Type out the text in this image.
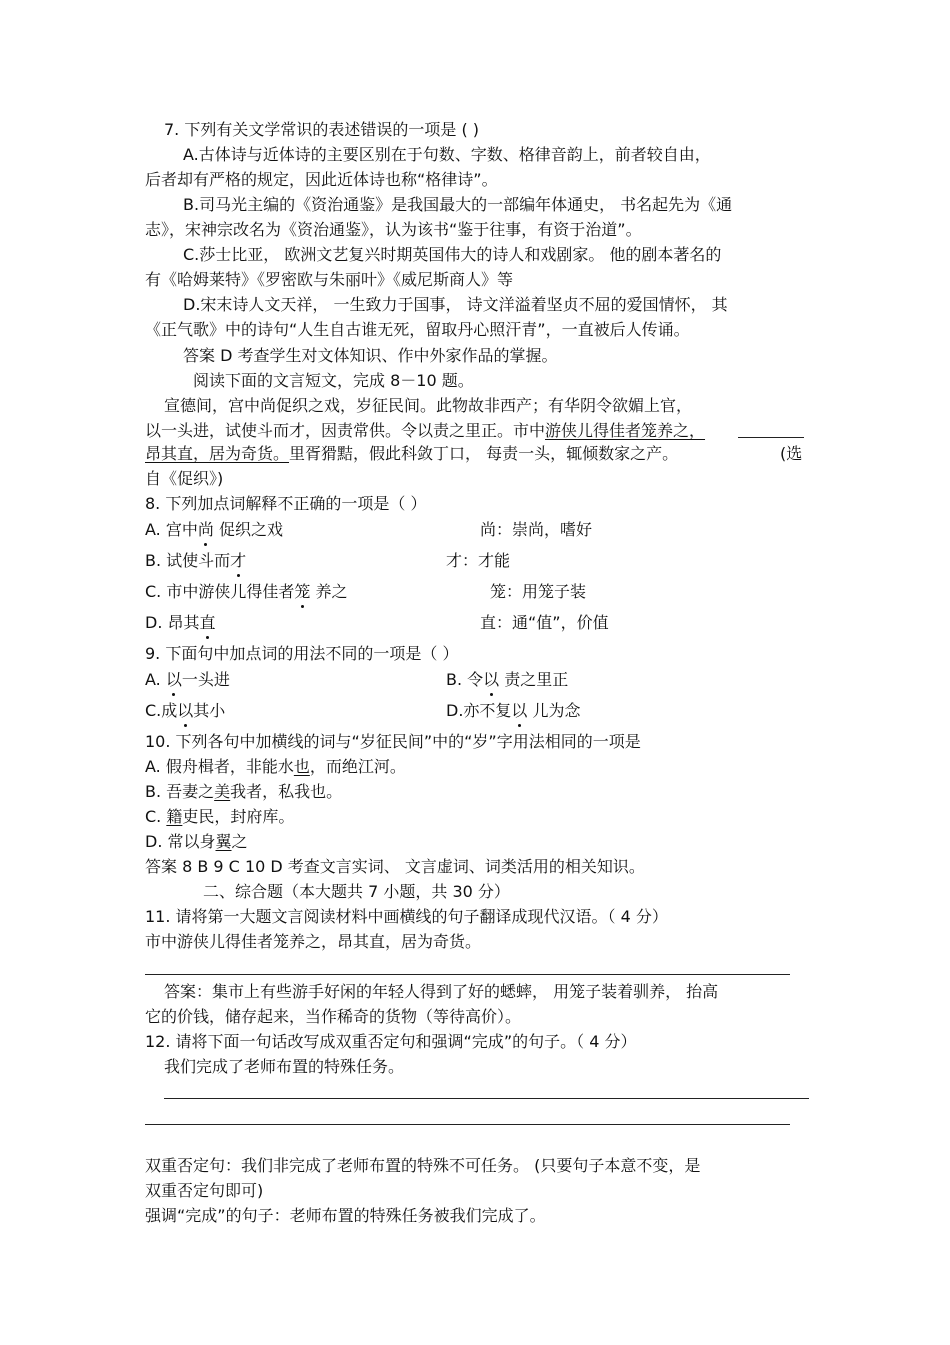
7. 下列有关文学常识的表述错误的一项是 ( )
A.古体诗与近体诗的主要区别在于句数、字数、格律音韵上，前者较自由，
后者却有严格的规定，因此近体诗也称“格律诗”。
B.司马光主编的《资治通鉴》是我国最大的一部编年体通史， 书名起先为《通
志》，宋神宗改名为《资治通鉴》，认为该书“鉴于往事，有资于治道”。
C.莎士比亚， 欧洲文艺复兴时期英国伟大的诗人和戏剧家。 他的剧本著名的
有《哈姆莱特》《罗密欧与朱丽叶》《威尼斯商人》等
D.宋末诗人文天祥， 一生致力于国事， 诗文洋溢着坚贞不屈的爱国情怀， 其
《正气歌》中的诗句“人生自古谁无死，留取丹心照汗青”，一直被后人传诵。
答案 D 考查学生对文体知识、作中外家作品的掌握。
阅读下面的文言短文，完成 8－10 题。
宣德间，宫中尚促织之戏，岁征民间。此物故非西产；有华阴令欲媚上官，
以一头进，试使斗而才，因责常供。令以责之里正。市中游侠儿得佳者笼养之，
昂其直，居为奇货。里胥猾黠，假此科敛丁口， 每责一头，辄倾数家之产。	(选
自《促织》)
8. 下列加点词解释不正确的一项是（ ）
A. 宫中尚 促织之戏	尚：崇尚，嗜好
B. 试使斗而才	才：才能
C. 市中游侠儿得佳者笼 养之	笼：用笼子装
D. 昂其直	直：通“值”，价值
9. 下面句中加点词的用法不同的一项是（ ）
A. 以一头进	B. 令以 责之里正
C.成以其小	D.亦不复以 儿为念
10. 下列各句中加横线的词与“岁征民间”中的“岁”字用法相同的一项是
A. 假舟楫者，非能水也，而绝江河。
B. 吾妻之美我者，私我也。
C. 籍吏民，封府库。
D. 常以身翼之
答案 8 B 9 C 10 D 考查文言实词、 文言虚词、词类活用的相关知识。
二、综合题（本大题共 7 小题，共 30 分）
11. 请将第一大题文言阅读材料中画横线的句子翻译成现代汉语。（ 4 分）
市中游侠儿得佳者笼养之，昂其直，居为奇货。
答案：集市上有些游手好闲的年轻人得到了好的蟋蟀， 用笼子装着驯养， 抬高
它的价钱，储存起来，当作稀奇的货物（等待高价）。
12. 请将下面一句话改写成双重否定句和强调“完成”的句子。（ 4 分）
我们完成了老师布置的特殊任务。
双重否定句：我们非完成了老师布置的特殊不可任务。 (只要句子本意不变，是
双重否定句即可)
强调“完成”的句子：老师布置的特殊任务被我们完成了。
